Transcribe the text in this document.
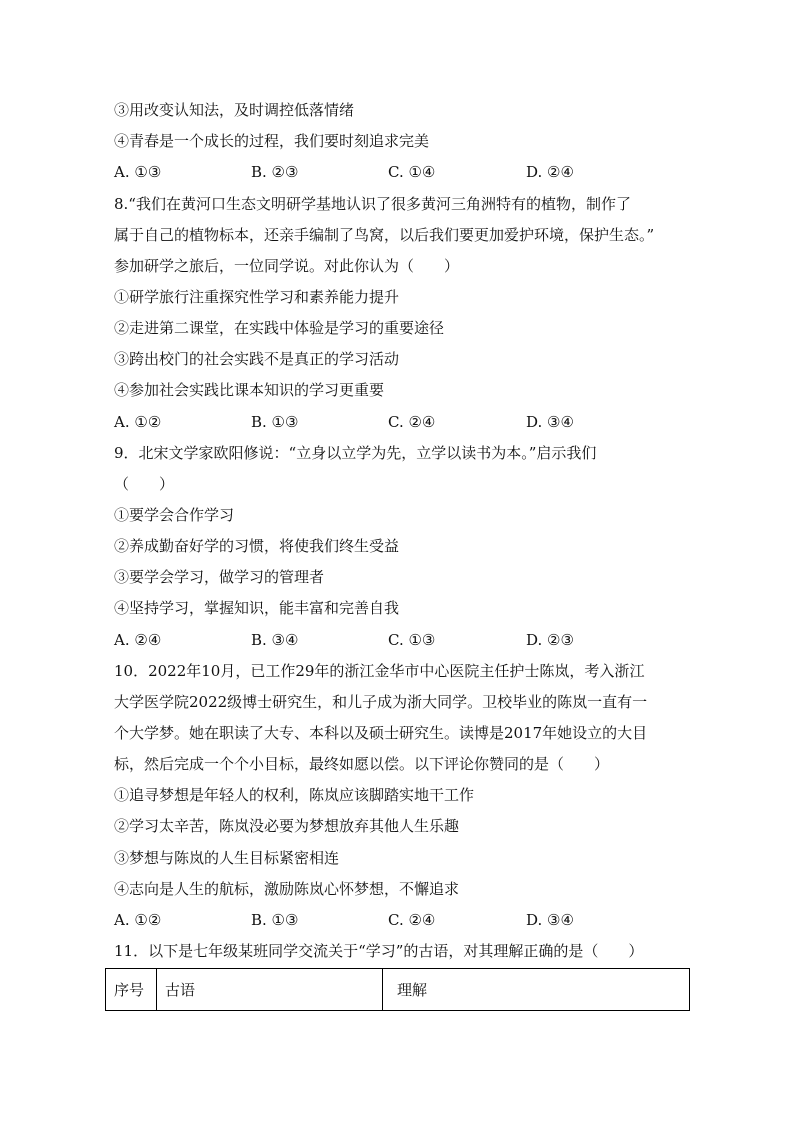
③用改变认知法，及时调控低落情绪
④青春是一个成长的过程，我们要时刻追求完美
A. ①③	B. ②③	C. ①④	D. ②④
8.“我们在黄河口生态文明研学基地认识了很多黄河三角洲特有的植物，制作了
属于自己的植物标本，还亲手编制了鸟窝，以后我们要更加爱护环境，保护生态。”
参加研学之旅后，一位同学说。对此你认为（　　）
①研学旅行注重探究性学习和素养能力提升
②走进第二课堂，在实践中体验是学习的重要途径
③跨出校门的社会实践不是真正的学习活动
④参加社会实践比课本知识的学习更重要
A. ①②	B. ①③	C. ②④	D. ③④
9．北宋文学家欧阳修说：“立身以立学为先，立学以读书为本。”启示我们
（　　）
①要学会合作学习
②养成勤奋好学的习惯，将使我们终生受益
③要学会学习，做学习的管理者
④坚持学习，掌握知识，能丰富和完善自我
A. ②④	B. ③④	C. ①③	D. ②③
10．2022年10月，已工作29年的浙江金华市中心医院主任护士陈岚，考入浙江
大学医学院2022级博士研究生，和儿子成为浙大同学。卫校毕业的陈岚一直有一
个大学梦。她在职读了大专、本科以及硕士研究生。读博是2017年她设立的大目
标，然后完成一个个小目标，最终如愿以偿。以下评论你赞同的是（　　）
①追寻梦想是年轻人的权利，陈岚应该脚踏实地干工作
②学习太辛苦，陈岚没必要为梦想放弃其他人生乐趣
③梦想与陈岚的人生目标紧密相连
④志向是人生的航标，激励陈岚心怀梦想，不懈追求
A. ①②	B. ①③	C. ②④	D. ③④
11．以下是七年级某班同学交流关于“学习”的古语，对其理解正确的是（　　）
序号	古语	理解
